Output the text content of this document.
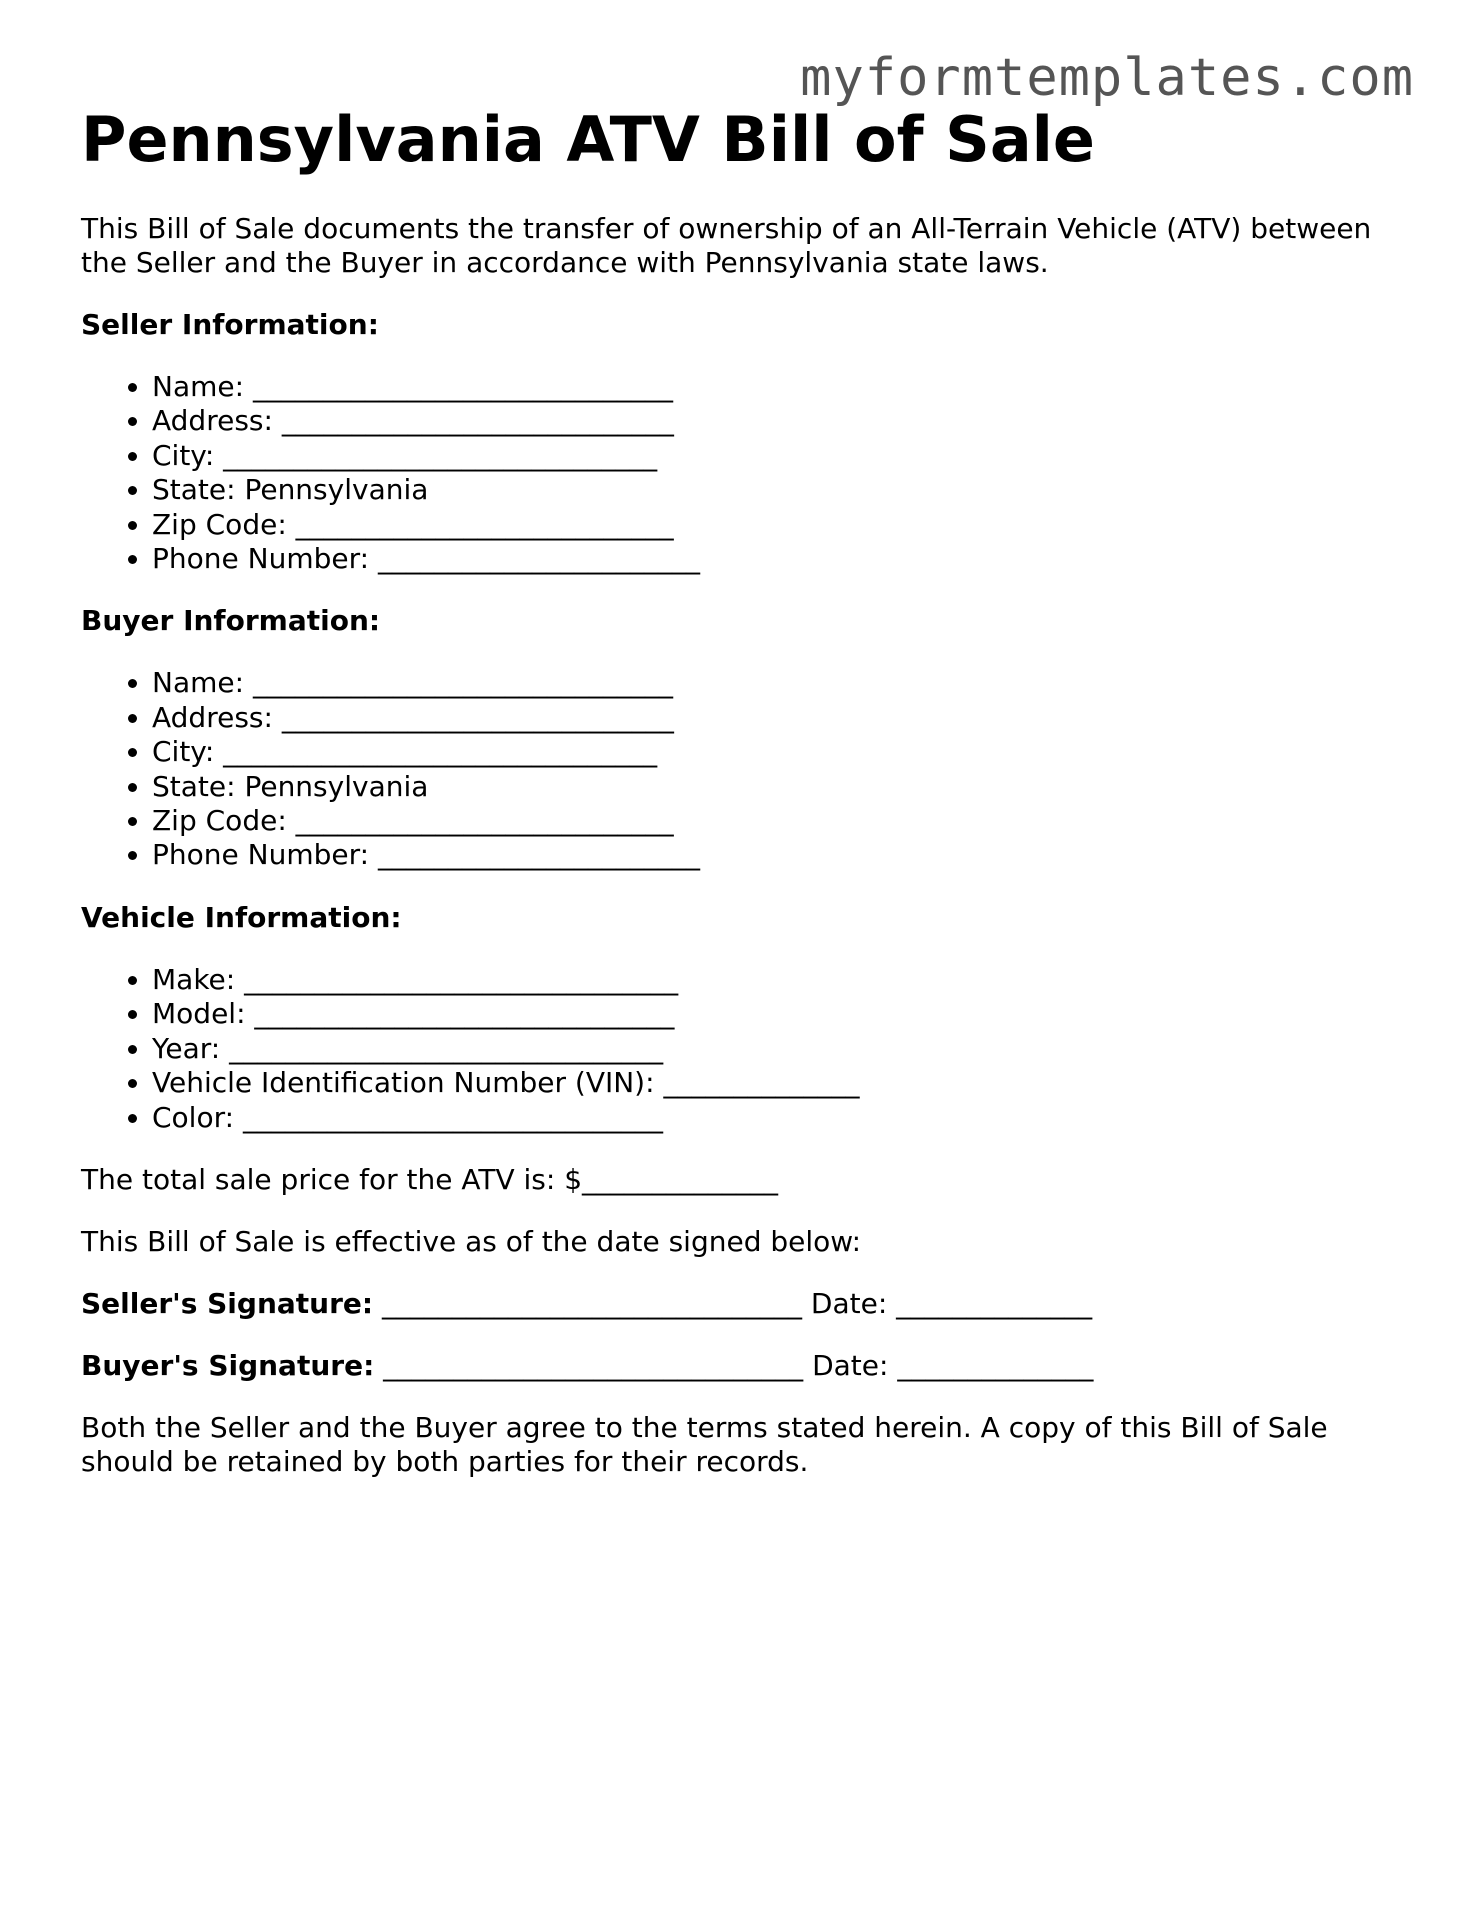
myformtemplates.com
Pennsylvania ATV Bill of Sale

This Bill of Sale documents the transfer of ownership of an All-Terrain Vehicle (ATV) between the Seller and the Buyer in accordance with Pennsylvania state laws.

Seller Information:
• Name: ______________________________
• Address: ____________________________
• City: _______________________________
• State: Pennsylvania
• Zip Code: ___________________________
• Phone Number: _______________________
Buyer Information:
• Name: ______________________________
• Address: ____________________________
• City: _______________________________
• State: Pennsylvania
• Zip Code: ___________________________
• Phone Number: _______________________
Vehicle Information:
• Make: _______________________________
• Model: ______________________________
• Year: _______________________________
• Vehicle Identification Number (VIN): ______________
• Color: ______________________________

The total sale price for the ATV is: $______________

This Bill of Sale is effective as of the date signed below:

Seller's Signature: ______________________________ Date: ______________

Buyer's Signature: ______________________________ Date: ______________

Both the Seller and the Buyer agree to the terms stated herein. A copy of this Bill of Sale should be retained by both parties for their records.
